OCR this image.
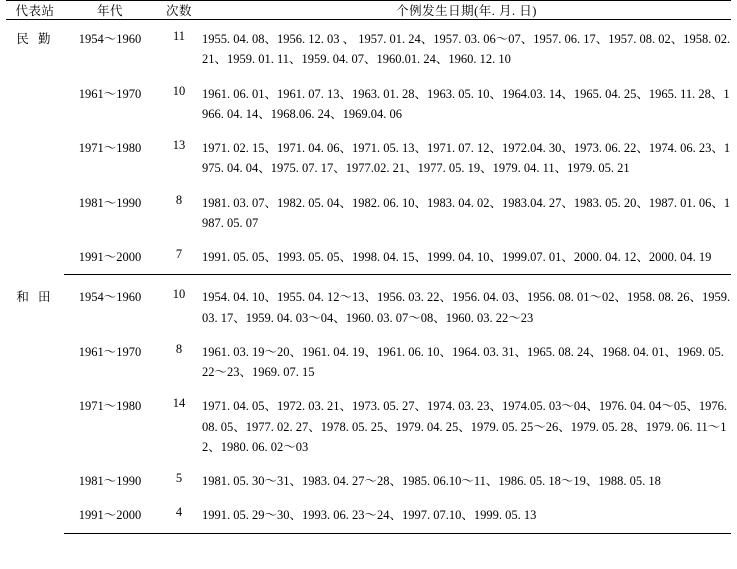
代表站	年代	次数	个例发生日期(年. 月. 日)

民 勤	1954～1960	11	1955. 04. 08、1956. 12. 03 、 1957. 01. 24、1957. 03. 06～07、1957. 06. 17、1957. 08. 02、1958. 02. 21、1959. 01. 11、1959. 04. 07、1960.01. 24、1960. 12. 10
	1961～1970	10	1961. 06. 01、1961. 07. 13、1963. 01. 28、1963. 05. 10、1964.03. 14、1965. 04. 25、1965. 11. 28、1966. 04. 14、1968.06. 24、1969.04. 06
	1971～1980	13	1971. 02. 15、1971. 04. 06、1971. 05. 13、1971. 07. 12、1972.04. 30、1973. 06. 22、1974. 06. 23、1975. 04. 04、1975. 07. 17、1977.02. 21、1977. 05. 19、1979. 04. 11、1979. 05. 21
	1981～1990	8	1981. 03. 07、1982. 05. 04、1982. 06. 10、1983. 04. 02、1983.04. 27、1983. 05. 20、1987. 01. 06、1987. 05. 07
	1991～2000	7	1991. 05. 05、1993. 05. 05、1998. 04. 15、1999. 04. 10、1999.07. 01、2000. 04. 12、2000. 04. 19

和 田	1954～1960	10	1954. 04. 10、1955. 04. 12～13、1956. 03. 22、1956. 04. 03、1956. 08. 01～02、1958. 08. 26、1959. 03. 17、1959. 04. 03～04、1960. 03. 07～08、1960. 03. 22～23
	1961～1970	8	1961. 03. 19～20、1961. 04. 19、1961. 06. 10、1964. 03. 31、1965. 08. 24、1968. 04. 01、1969. 05. 22～23、1969. 07. 15
	1971～1980	14	1971. 04. 05、1972. 03. 21、1973. 05. 27、1974. 03. 23、1974.05. 03～04、1976. 04. 04～05、1976. 08. 05、1977. 02. 27、1978. 05. 25、1979. 04. 25、1979. 05. 25～26、1979. 05. 28、1979. 06. 11～12、1980. 06. 02～03
	1981～1990	5	1981. 05. 30～31、1983. 04. 27～28、1985. 06.10～11、1986. 05. 18～19、1988. 05. 18
	1991～2000	4	1991. 05. 29～30、1993. 06. 23～24、1997. 07.10、1999. 05. 13
